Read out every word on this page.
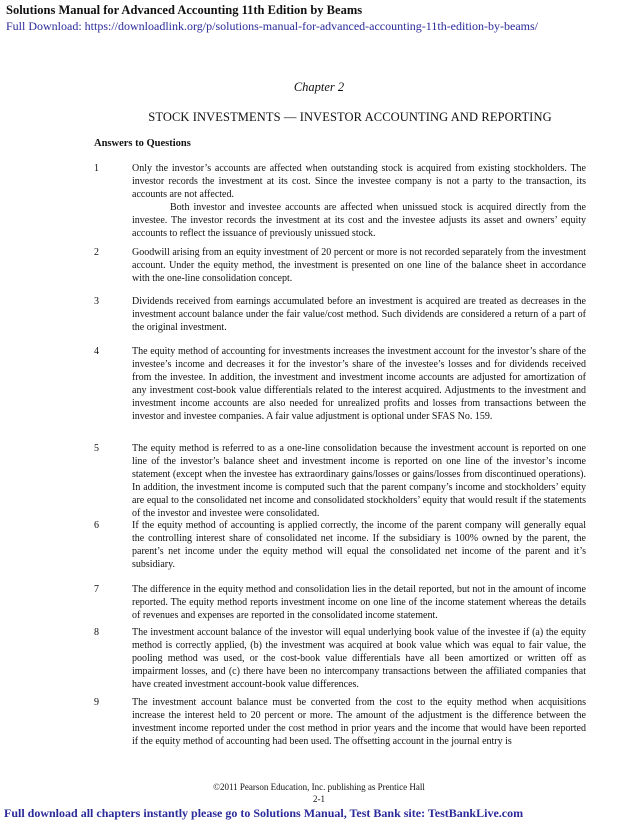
Solutions Manual for Advanced Accounting 11th Edition by Beams
Full Download: https://downloadlink.org/p/solutions-manual-for-advanced-accounting-11th-edition-by-beams/
Chapter 2
STOCK INVESTMENTS — INVESTOR ACCOUNTING AND REPORTING
Answers to Questions
1	Only the investor’s accounts are affected when outstanding stock is acquired from existing stockholders. The investor records the investment at its cost. Since the investee company is not a party to the transaction, its accounts are not affected.

Both investor and investee accounts are affected when unissued stock is acquired directly from the investee. The investor records the investment at its cost and the investee adjusts its asset and owners’ equity accounts to reflect the issuance of previously unissued stock.

2	Goodwill arising from an equity investment of 20 percent or more is not recorded separately from the investment account. Under the equity method, the investment is presented on one line of the balance sheet in accordance with the one-line consolidation concept.

3	Dividends received from earnings accumulated before an investment is acquired are treated as decreases in the investment account balance under the fair value/cost method. Such dividends are considered a return of a part of the original investment.

4	The equity method of accounting for investments increases the investment account for the investor’s share of the investee’s income and decreases it for the investor’s share of the investee’s losses and for dividends received from the investee. In addition, the investment and investment income accounts are adjusted for amortization of any investment cost-book value differentials related to the interest acquired. Adjustments to the investment and investment income accounts are also needed for unrealized profits and losses from transactions between the investor and investee companies. A fair value adjustment is optional under SFAS No. 159.

5	The equity method is referred to as a one-line consolidation because the investment account is reported on one line of the investor’s balance sheet and investment income is reported on one line of the investor’s income statement (except when the investee has extraordinary gains/losses or gains/losses from discontinued operations). In addition, the investment income is computed such that the parent company’s income and stockholders’ equity are equal to the consolidated net income and consolidated stockholders’ equity that would result if the statements of the investor and investee were consolidated.

6	If the equity method of accounting is applied correctly, the income of the parent company will generally equal the controlling interest share of consolidated net income. If the subsidiary is 100% owned by the parent, the parent’s net income under the equity method will equal the consolidated net income of the parent and it’s subsidiary.

7	The difference in the equity method and consolidation lies in the detail reported, but not in the amount of income reported. The equity method reports investment income on one line of the income statement whereas the details of revenues and expenses are reported in the consolidated income statement.

8	The investment account balance of the investor will equal underlying book value of the investee if (a) the equity method is correctly applied, (b) the investment was acquired at book value which was equal to fair value, the pooling method was used, or the cost-book value differentials have all been amortized or written off as impairment losses, and (c) there have been no intercompany transactions between the affiliated companies that have created investment account-book value differences.

9	The investment account balance must be converted from the cost to the equity method when acquisitions increase the interest held to 20 percent or more. The amount of the adjustment is the difference between the investment income reported under the cost method in prior years and the income that would have been reported if the equity method of accounting had been used. The offsetting account in the journal entry is

©2011 Pearson Education, Inc. publishing as Prentice Hall
2-1
Full download all chapters instantly please go to Solutions Manual, Test Bank site: TestBankLive.com
